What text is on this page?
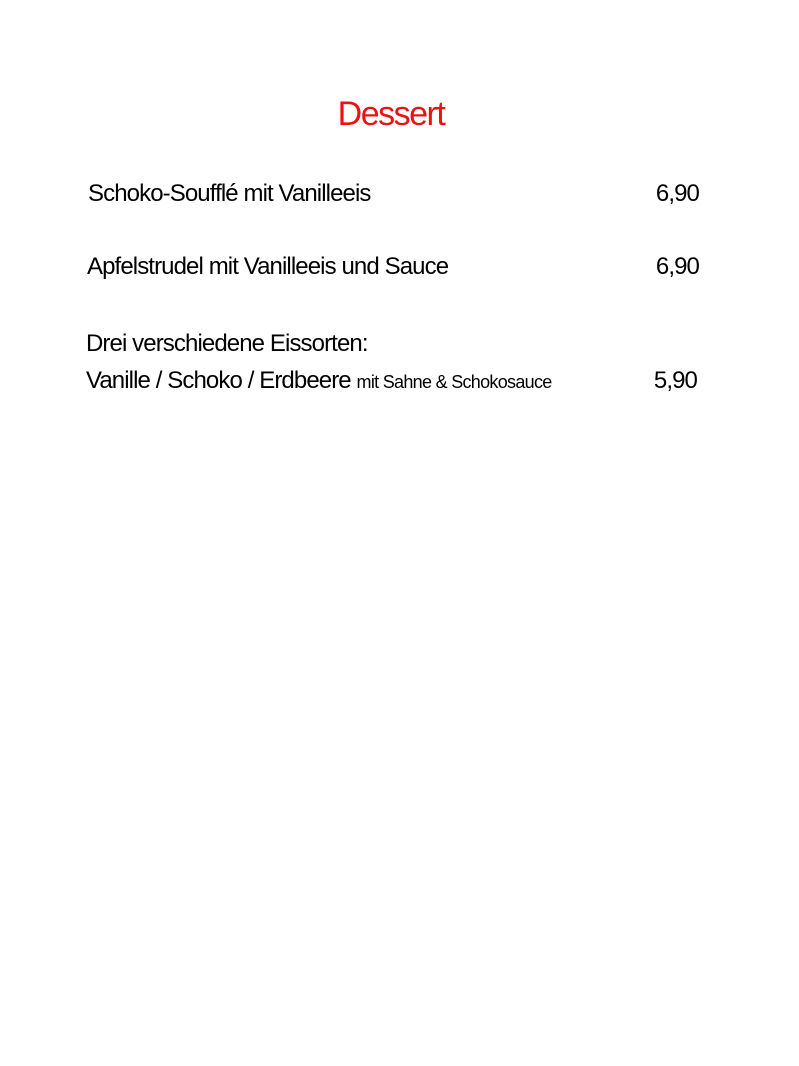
Dessert
Schoko-Soufflé mit Vanilleeis	6,90
Apfelstrudel mit Vanilleeis und Sauce	6,90
Drei verschiedene Eissorten:
Vanille / Schoko / Erdbeere mit Sahne & Schokosauce	5,90
